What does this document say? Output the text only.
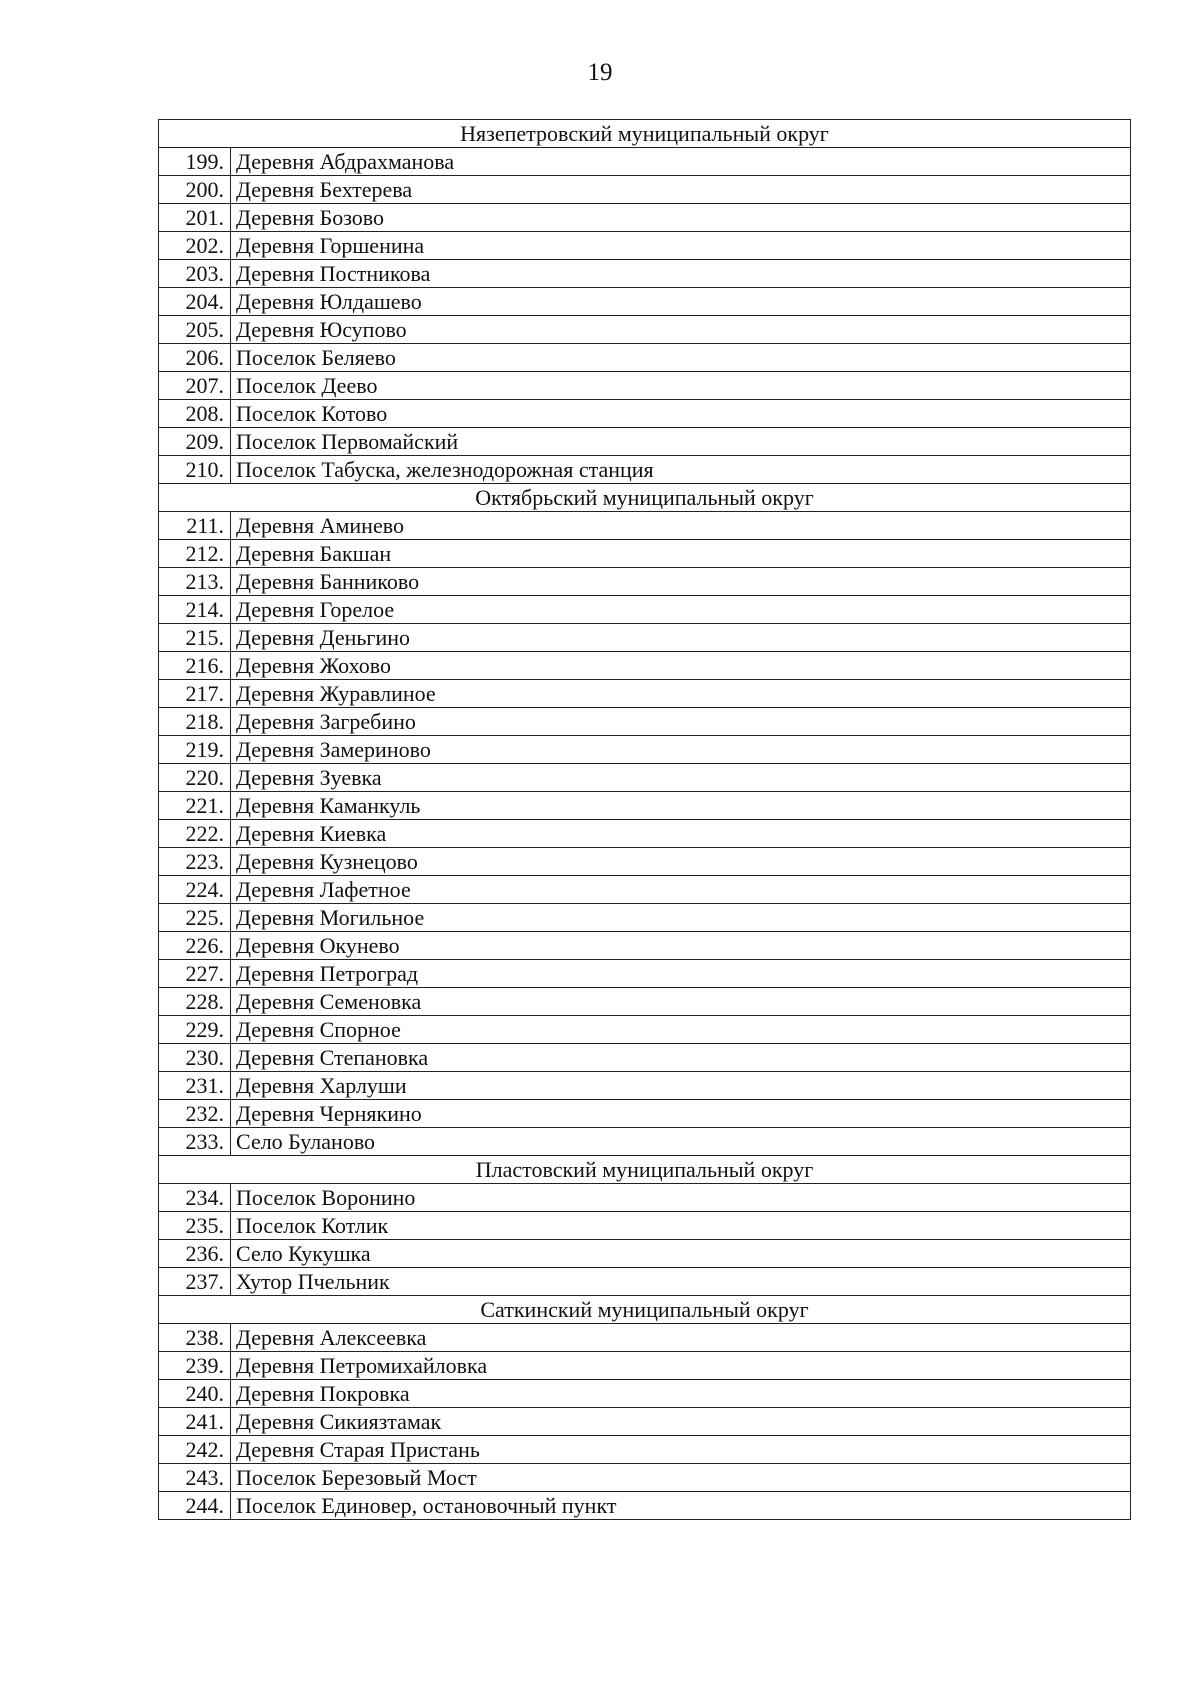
19
Нязепетровский муниципальный округ	
199.	Деревня Абдрахманова
200.	Деревня Бехтерева
201.	Деревня Бозово
202.	Деревня Горшенина
203.	Деревня Постникова
204.	Деревня Юлдашево
205.	Деревня Юсупово
206.	Поселок Беляево
207.	Поселок Деево
208.	Поселок Котово
209.	Поселок Первомайский
210.	Поселок Табуска, железнодорожная станция
Октябрьский муниципальный округ	
211.	Деревня Аминево
212.	Деревня Бакшан
213.	Деревня Банниково
214.	Деревня Горелое
215.	Деревня Деньгино
216.	Деревня Жохово
217.	Деревня Журавлиное
218.	Деревня Загребино
219.	Деревня Замериново
220.	Деревня Зуевка
221.	Деревня Каманкуль
222.	Деревня Киевка
223.	Деревня Кузнецово
224.	Деревня Лафетное
225.	Деревня Могильное
226.	Деревня Окунево
227.	Деревня Петроград
228.	Деревня Семеновка
229.	Деревня Спорное
230.	Деревня Степановка
231.	Деревня Харлуши
232.	Деревня Чернякино
233.	Село Буланово
Пластовский муниципальный округ	
234.	Поселок Воронино
235.	Поселок Котлик
236.	Село Кукушка
237.	Хутор Пчельник
Саткинский муниципальный округ	
238.	Деревня Алексеевка
239.	Деревня Петромихайловка
240.	Деревня Покровка
241.	Деревня Сикиязтамак
242.	Деревня Старая Пристань
243.	Поселок Березовый Мост
244.	Поселок Единовер, остановочный пункт
